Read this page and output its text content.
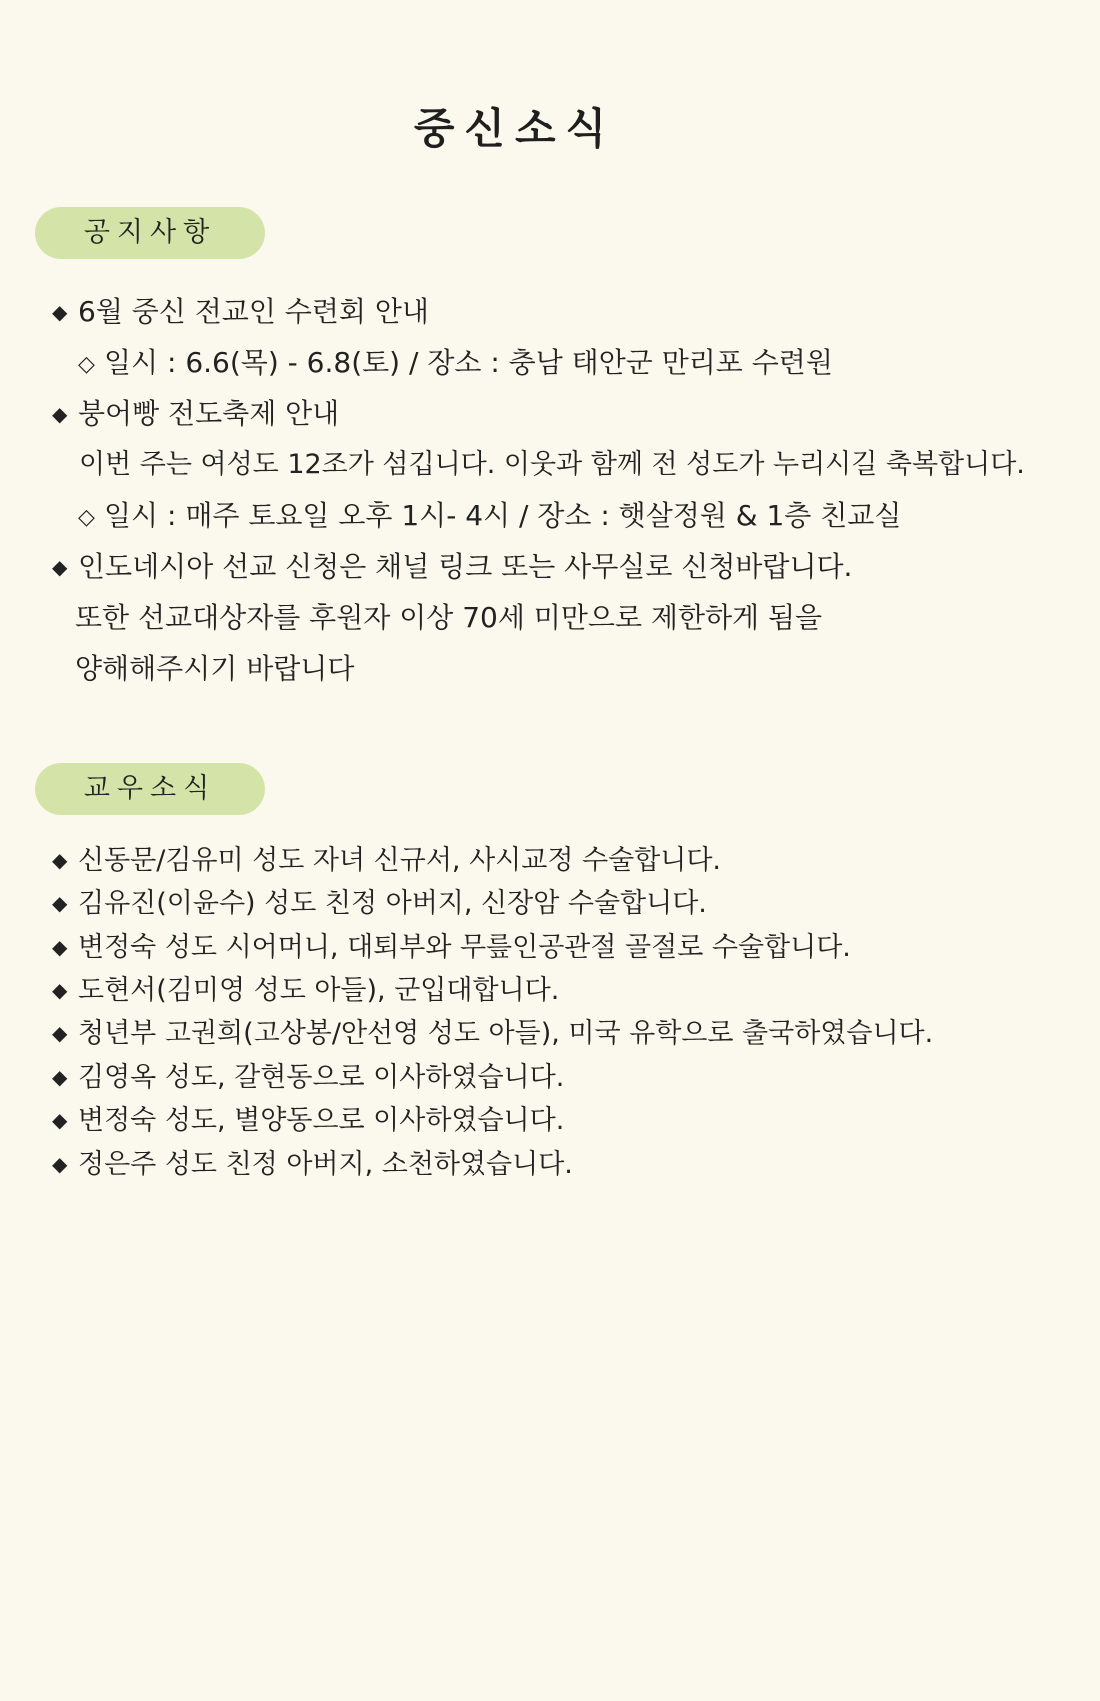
중신소식
공지사항
◆ 6월 중신 전교인 수련회 안내
◇ 일시 : 6.6(목) - 6.8(토) / 장소 : 충남 태안군 만리포 수련원
◆ 붕어빵 전도축제 안내
이번 주는 여성도 12조가 섬깁니다. 이웃과 함께 전 성도가 누리시길 축복합니다.
◇ 일시 : 매주 토요일 오후 1시- 4시 / 장소 : 햇살정원 & 1층 친교실
◆ 인도네시아 선교 신청은 채널 링크 또는 사무실로 신청바랍니다.
또한 선교대상자를 후원자 이상 70세 미만으로 제한하게 됨을
양해해주시기 바랍니다
교우소식
◆ 신동문/김유미 성도 자녀 신규서, 사시교정 수술합니다.
◆ 김유진(이윤수) 성도 친정 아버지, 신장암 수술합니다.
◆ 변정숙 성도 시어머니, 대퇴부와 무릎인공관절 골절로 수술합니다.
◆ 도현서(김미영 성도 아들), 군입대합니다.
◆ 청년부 고권희(고상봉/안선영 성도 아들), 미국 유학으로 출국하였습니다.
◆ 김영옥 성도, 갈현동으로 이사하였습니다.
◆ 변정숙 성도, 별양동으로 이사하였습니다.
◆ 정은주 성도 친정 아버지, 소천하였습니다.
